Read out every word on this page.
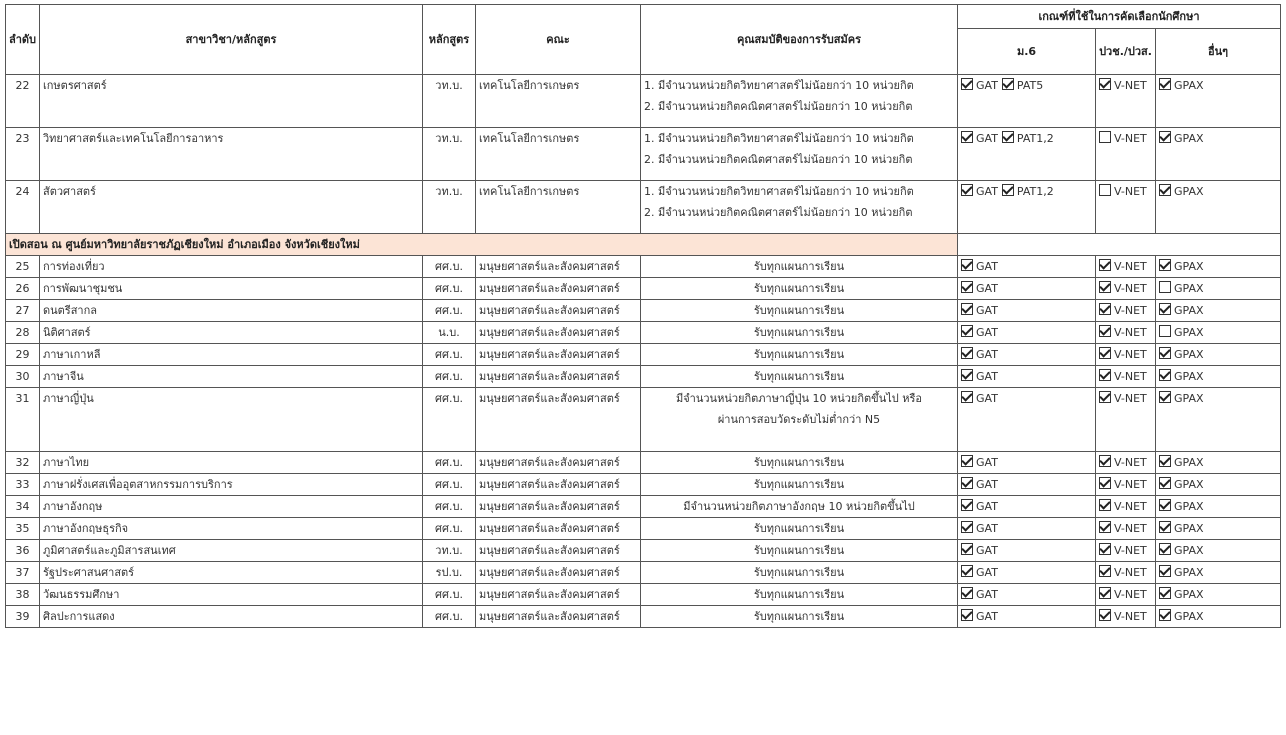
ลำดับ	สาขาวิชา/หลักสูตร	หลักสูตร	คณะ	คุณสมบัติของการรับสมัคร	เกณฑ์ที่ใช้ในการคัดเลือกนักศึกษา		
					ม.6	ปวช./ปวส.	อื่นๆ
22	เกษตรศาสตร์	วท.บ.	เทคโนโลยีการเกษตร	1. มีจำนวนหน่วยกิตวิทยาศาสตร์ไม่น้อยกว่า 10 หน่วยกิต
2. มีจำนวนหน่วยกิตคณิตศาสตร์ไม่น้อยกว่า 10 หน่วยกิต	GAT PAT5	V-NET	GPAX
23	วิทยาศาสตร์และเทคโนโลยีการอาหาร	วท.บ.	เทคโนโลยีการเกษตร	1. มีจำนวนหน่วยกิตวิทยาศาสตร์ไม่น้อยกว่า 10 หน่วยกิต
2. มีจำนวนหน่วยกิตคณิตศาสตร์ไม่น้อยกว่า 10 หน่วยกิต	GAT PAT1,2	V-NET	GPAX
24	สัตวศาสตร์	วท.บ.	เทคโนโลยีการเกษตร	1. มีจำนวนหน่วยกิตวิทยาศาสตร์ไม่น้อยกว่า 10 หน่วยกิต
2. มีจำนวนหน่วยกิตคณิตศาสตร์ไม่น้อยกว่า 10 หน่วยกิต	GAT PAT1,2	V-NET	GPAX
เปิดสอน ณ ศูนย์มหาวิทยาลัยราชภัฏเชียงใหม่ อำเภอเมือง จังหวัดเชียงใหม่							
25	การท่องเที่ยว	ศศ.บ.	มนุษยศาสตร์และสังคมศาสตร์	รับทุกแผนการเรียน	GAT	V-NET	GPAX
26	การพัฒนาชุมชน	ศศ.บ.	มนุษยศาสตร์และสังคมศาสตร์	รับทุกแผนการเรียน	GAT	V-NET	GPAX
27	ดนตรีสากล	ศศ.บ.	มนุษยศาสตร์และสังคมศาสตร์	รับทุกแผนการเรียน	GAT	V-NET	GPAX
28	นิติศาสตร์	น.บ.	มนุษยศาสตร์และสังคมศาสตร์	รับทุกแผนการเรียน	GAT	V-NET	GPAX
29	ภาษาเกาหลี	ศศ.บ.	มนุษยศาสตร์และสังคมศาสตร์	รับทุกแผนการเรียน	GAT	V-NET	GPAX
30	ภาษาจีน	ศศ.บ.	มนุษยศาสตร์และสังคมศาสตร์	รับทุกแผนการเรียน	GAT	V-NET	GPAX
31	ภาษาญี่ปุ่น	ศศ.บ.	มนุษยศาสตร์และสังคมศาสตร์	มีจำนวนหน่วยกิตภาษาญี่ปุ่น 10 หน่วยกิตขึ้นไป หรือ
ผ่านการสอบวัดระดับไม่ต่ำกว่า N5	GAT	V-NET	GPAX
32	ภาษาไทย	ศศ.บ.	มนุษยศาสตร์และสังคมศาสตร์	รับทุกแผนการเรียน	GAT	V-NET	GPAX
33	ภาษาฝรั่งเศสเพื่ออุตสาหกรรมการบริการ	ศศ.บ.	มนุษยศาสตร์และสังคมศาสตร์	รับทุกแผนการเรียน	GAT	V-NET	GPAX
34	ภาษาอังกฤษ	ศศ.บ.	มนุษยศาสตร์และสังคมศาสตร์	มีจำนวนหน่วยกิตภาษาอังกฤษ 10 หน่วยกิตขึ้นไป	GAT	V-NET	GPAX
35	ภาษาอังกฤษธุรกิจ	ศศ.บ.	มนุษยศาสตร์และสังคมศาสตร์	รับทุกแผนการเรียน	GAT	V-NET	GPAX
36	ภูมิศาสตร์และภูมิสารสนเทศ	วท.บ.	มนุษยศาสตร์และสังคมศาสตร์	รับทุกแผนการเรียน	GAT	V-NET	GPAX
37	รัฐประศาสนศาสตร์	รป.บ.	มนุษยศาสตร์และสังคมศาสตร์	รับทุกแผนการเรียน	GAT	V-NET	GPAX
38	วัฒนธรรมศึกษา	ศศ.บ.	มนุษยศาสตร์และสังคมศาสตร์	รับทุกแผนการเรียน	GAT	V-NET	GPAX
39	ศิลปะการแสดง	ศศ.บ.	มนุษยศาสตร์และสังคมศาสตร์	รับทุกแผนการเรียน	GAT	V-NET	GPAX
